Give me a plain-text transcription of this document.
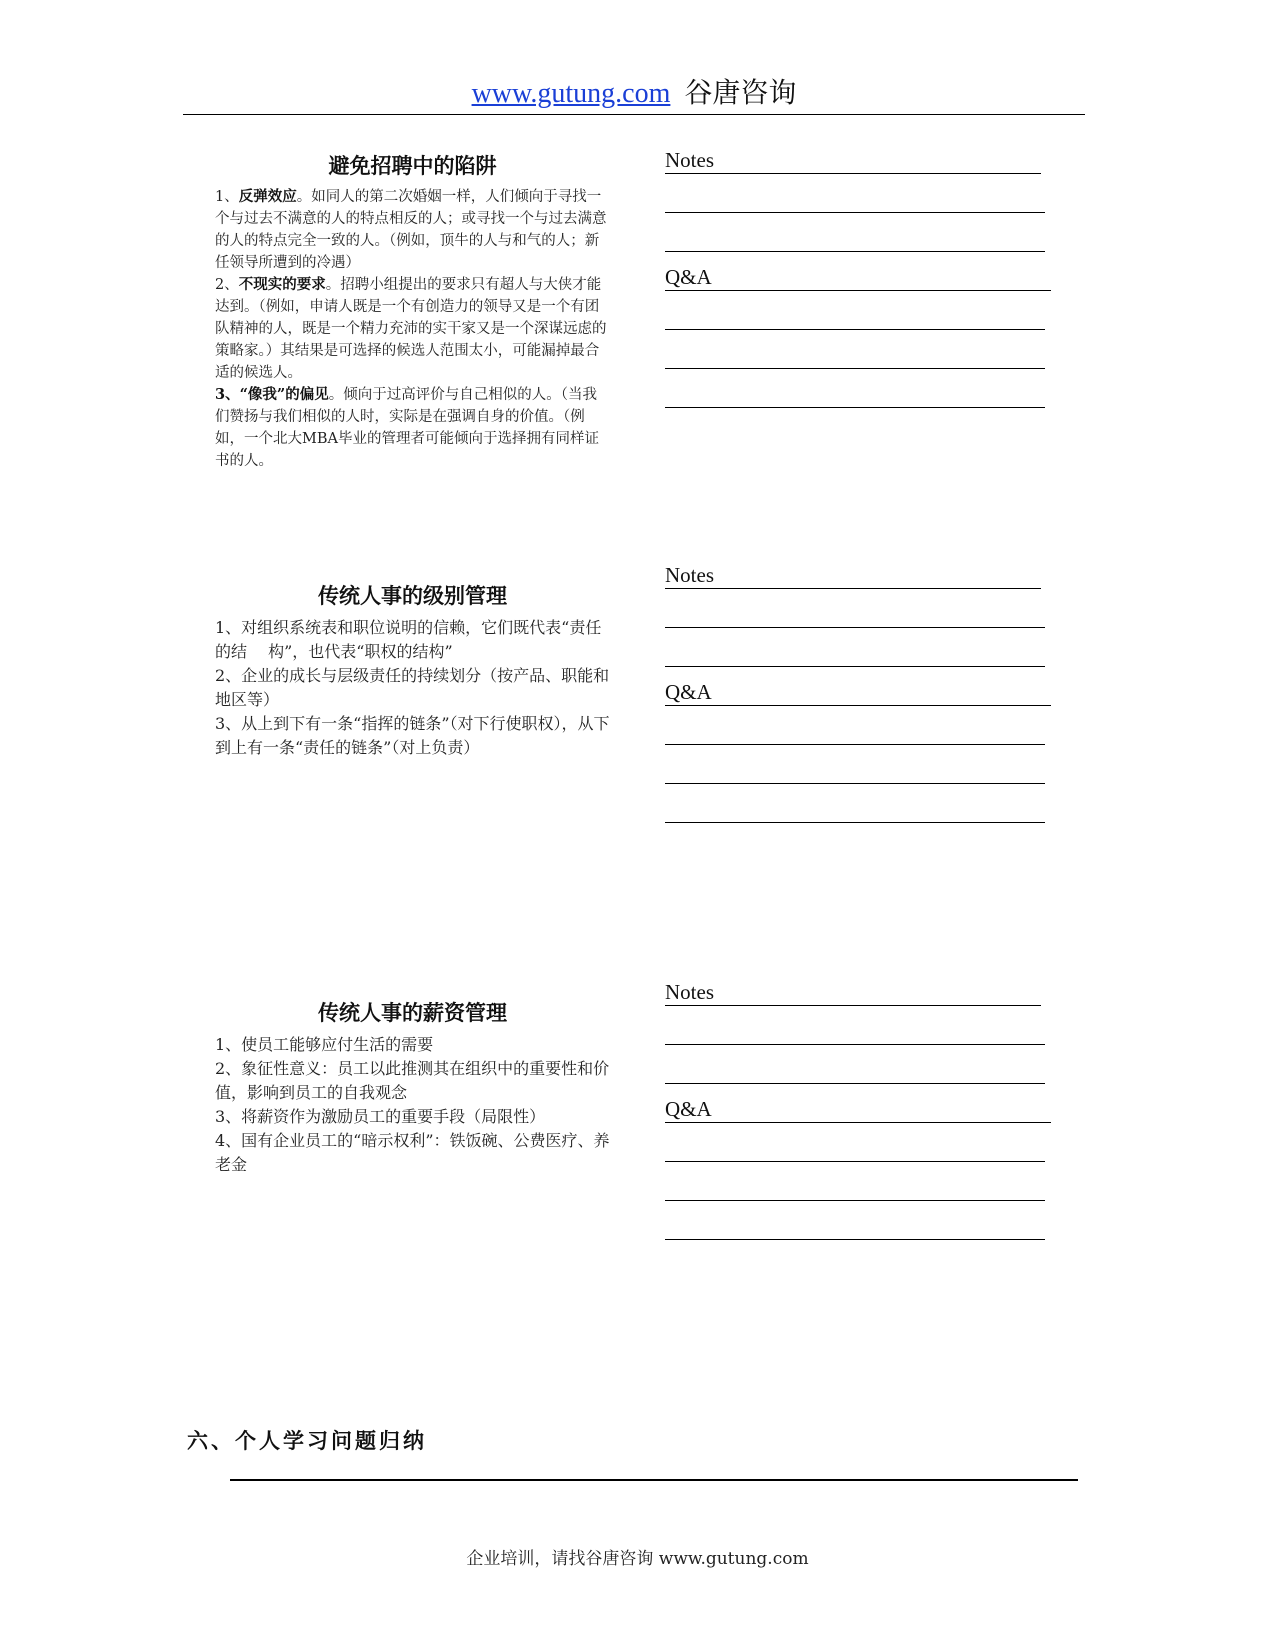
www.gutung.com 谷唐咨询
避免招聘中的陷阱

1、反弹效应。如同人的第二次婚姻一样，人们倾向于寻找一个与过去不满意的人的特点相反的人；或寻找一个与过去满意的人的特点完全一致的人。（例如，顶牛的人与和气的人；新任领导所遭到的冷遇）

2、不现实的要求。招聘小组提出的要求只有超人与大侠才能达到。（例如，申请人既是一个有创造力的领导又是一个有团队精神的人，既是一个精力充沛的实干家又是一个深谋远虑的策略家。）其结果是可选择的候选人范围太小，可能漏掉最合适的候选人。

3、“像我”的偏见。倾向于过高评价与自己相似的人。（当我们赞扬与我们相似的人时，实际是在强调自身的价值。（例如，一个北大MBA毕业的管理者可能倾向于选择拥有同样证书的人。

Notes
Q&A
传统人事的级别管理

1、对组织系统表和职位说明的信赖，它们既代表“责任的结　 构”，也代表“职权的结构”

2、企业的成长与层级责任的持续划分（按产品、职能和地区等）

3、从上到下有一条“指挥的链条”（对下行使职权），从下到上有一条“责任的链条”（对上负责）

Notes
Q&A
传统人事的薪资管理

1、使员工能够应付生活的需要

2、象征性意义：员工以此推测其在组织中的重要性和价值，影响到员工的自我观念

3、将薪资作为激励员工的重要手段（局限性）

4、国有企业员工的“暗示权利”：铁饭碗、公费医疗、养老金

Notes
Q&A
六、个人学习问题归纳
企业培训，请找谷唐咨询 www.gutung.com
